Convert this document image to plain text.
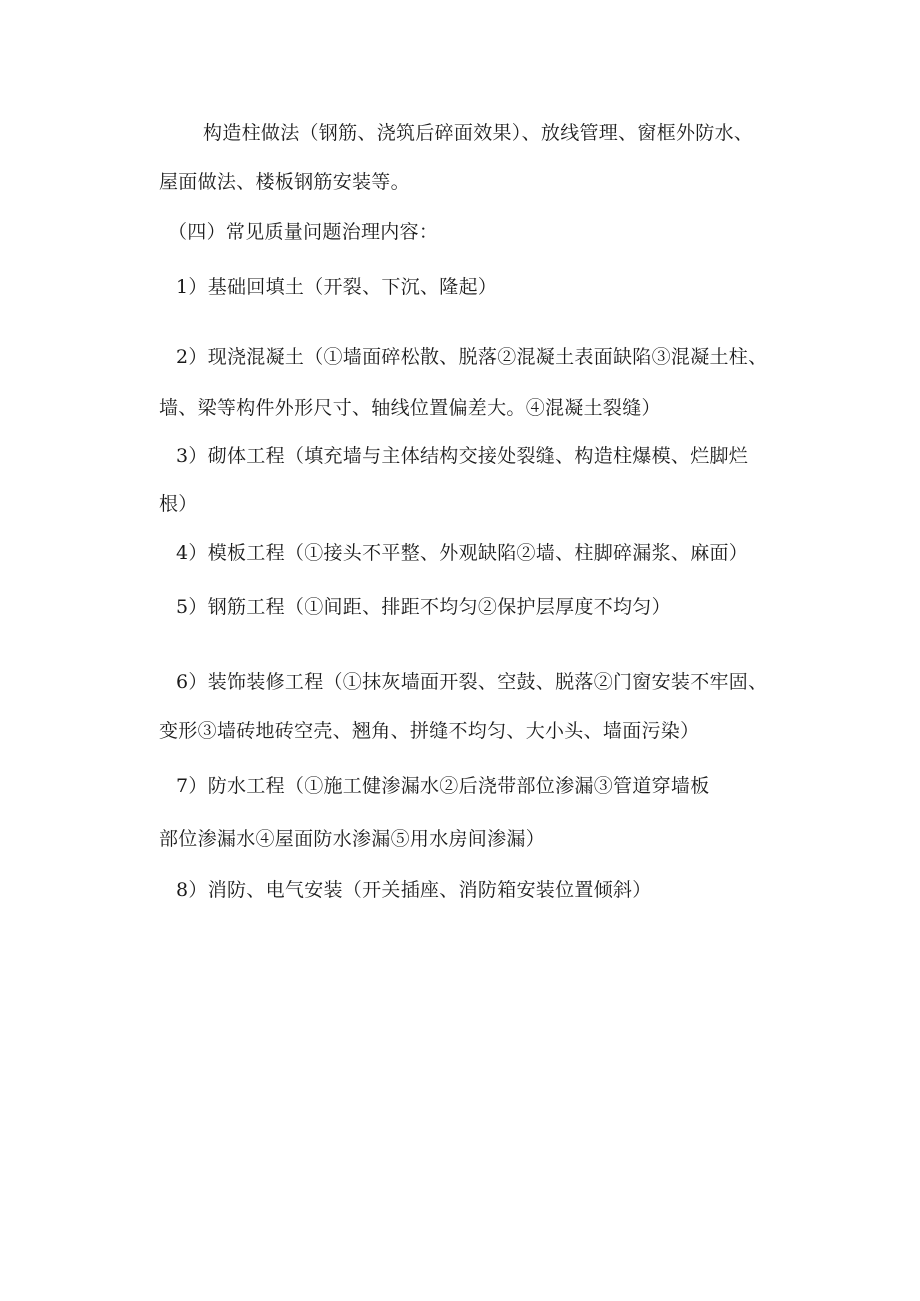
构造柱做法（钢筋、浇筑后碎面效果）、放线管理、窗框外防水、
屋面做法、楼板钢筋安装等。
（四）常见质量问题治理内容：
1）基础回填土（开裂、下沉、隆起）
2）现浇混凝土（①墙面碎松散、脱落②混凝土表面缺陷③混凝土柱、
墙、梁等构件外形尺寸、轴线位置偏差大。④混凝土裂缝）
3）砌体工程（填充墙与主体结构交接处裂缝、构造柱爆模、烂脚烂
根）
4）模板工程（①接头不平整、外观缺陷②墙、柱脚碎漏浆、麻面）
5）钢筋工程（①间距、排距不均匀②保护层厚度不均匀）
6）装饰装修工程（①抹灰墙面开裂、空鼓、脱落②门窗安装不牢固、
变形③墙砖地砖空壳、翘角、拼缝不均匀、大小头、墙面污染）
7）防水工程（①施工健渗漏水②后浇带部位渗漏③管道穿墙板
部位渗漏水④屋面防水渗漏⑤用水房间渗漏）
8）消防、电气安装（开关插座、消防箱安装位置倾斜）
